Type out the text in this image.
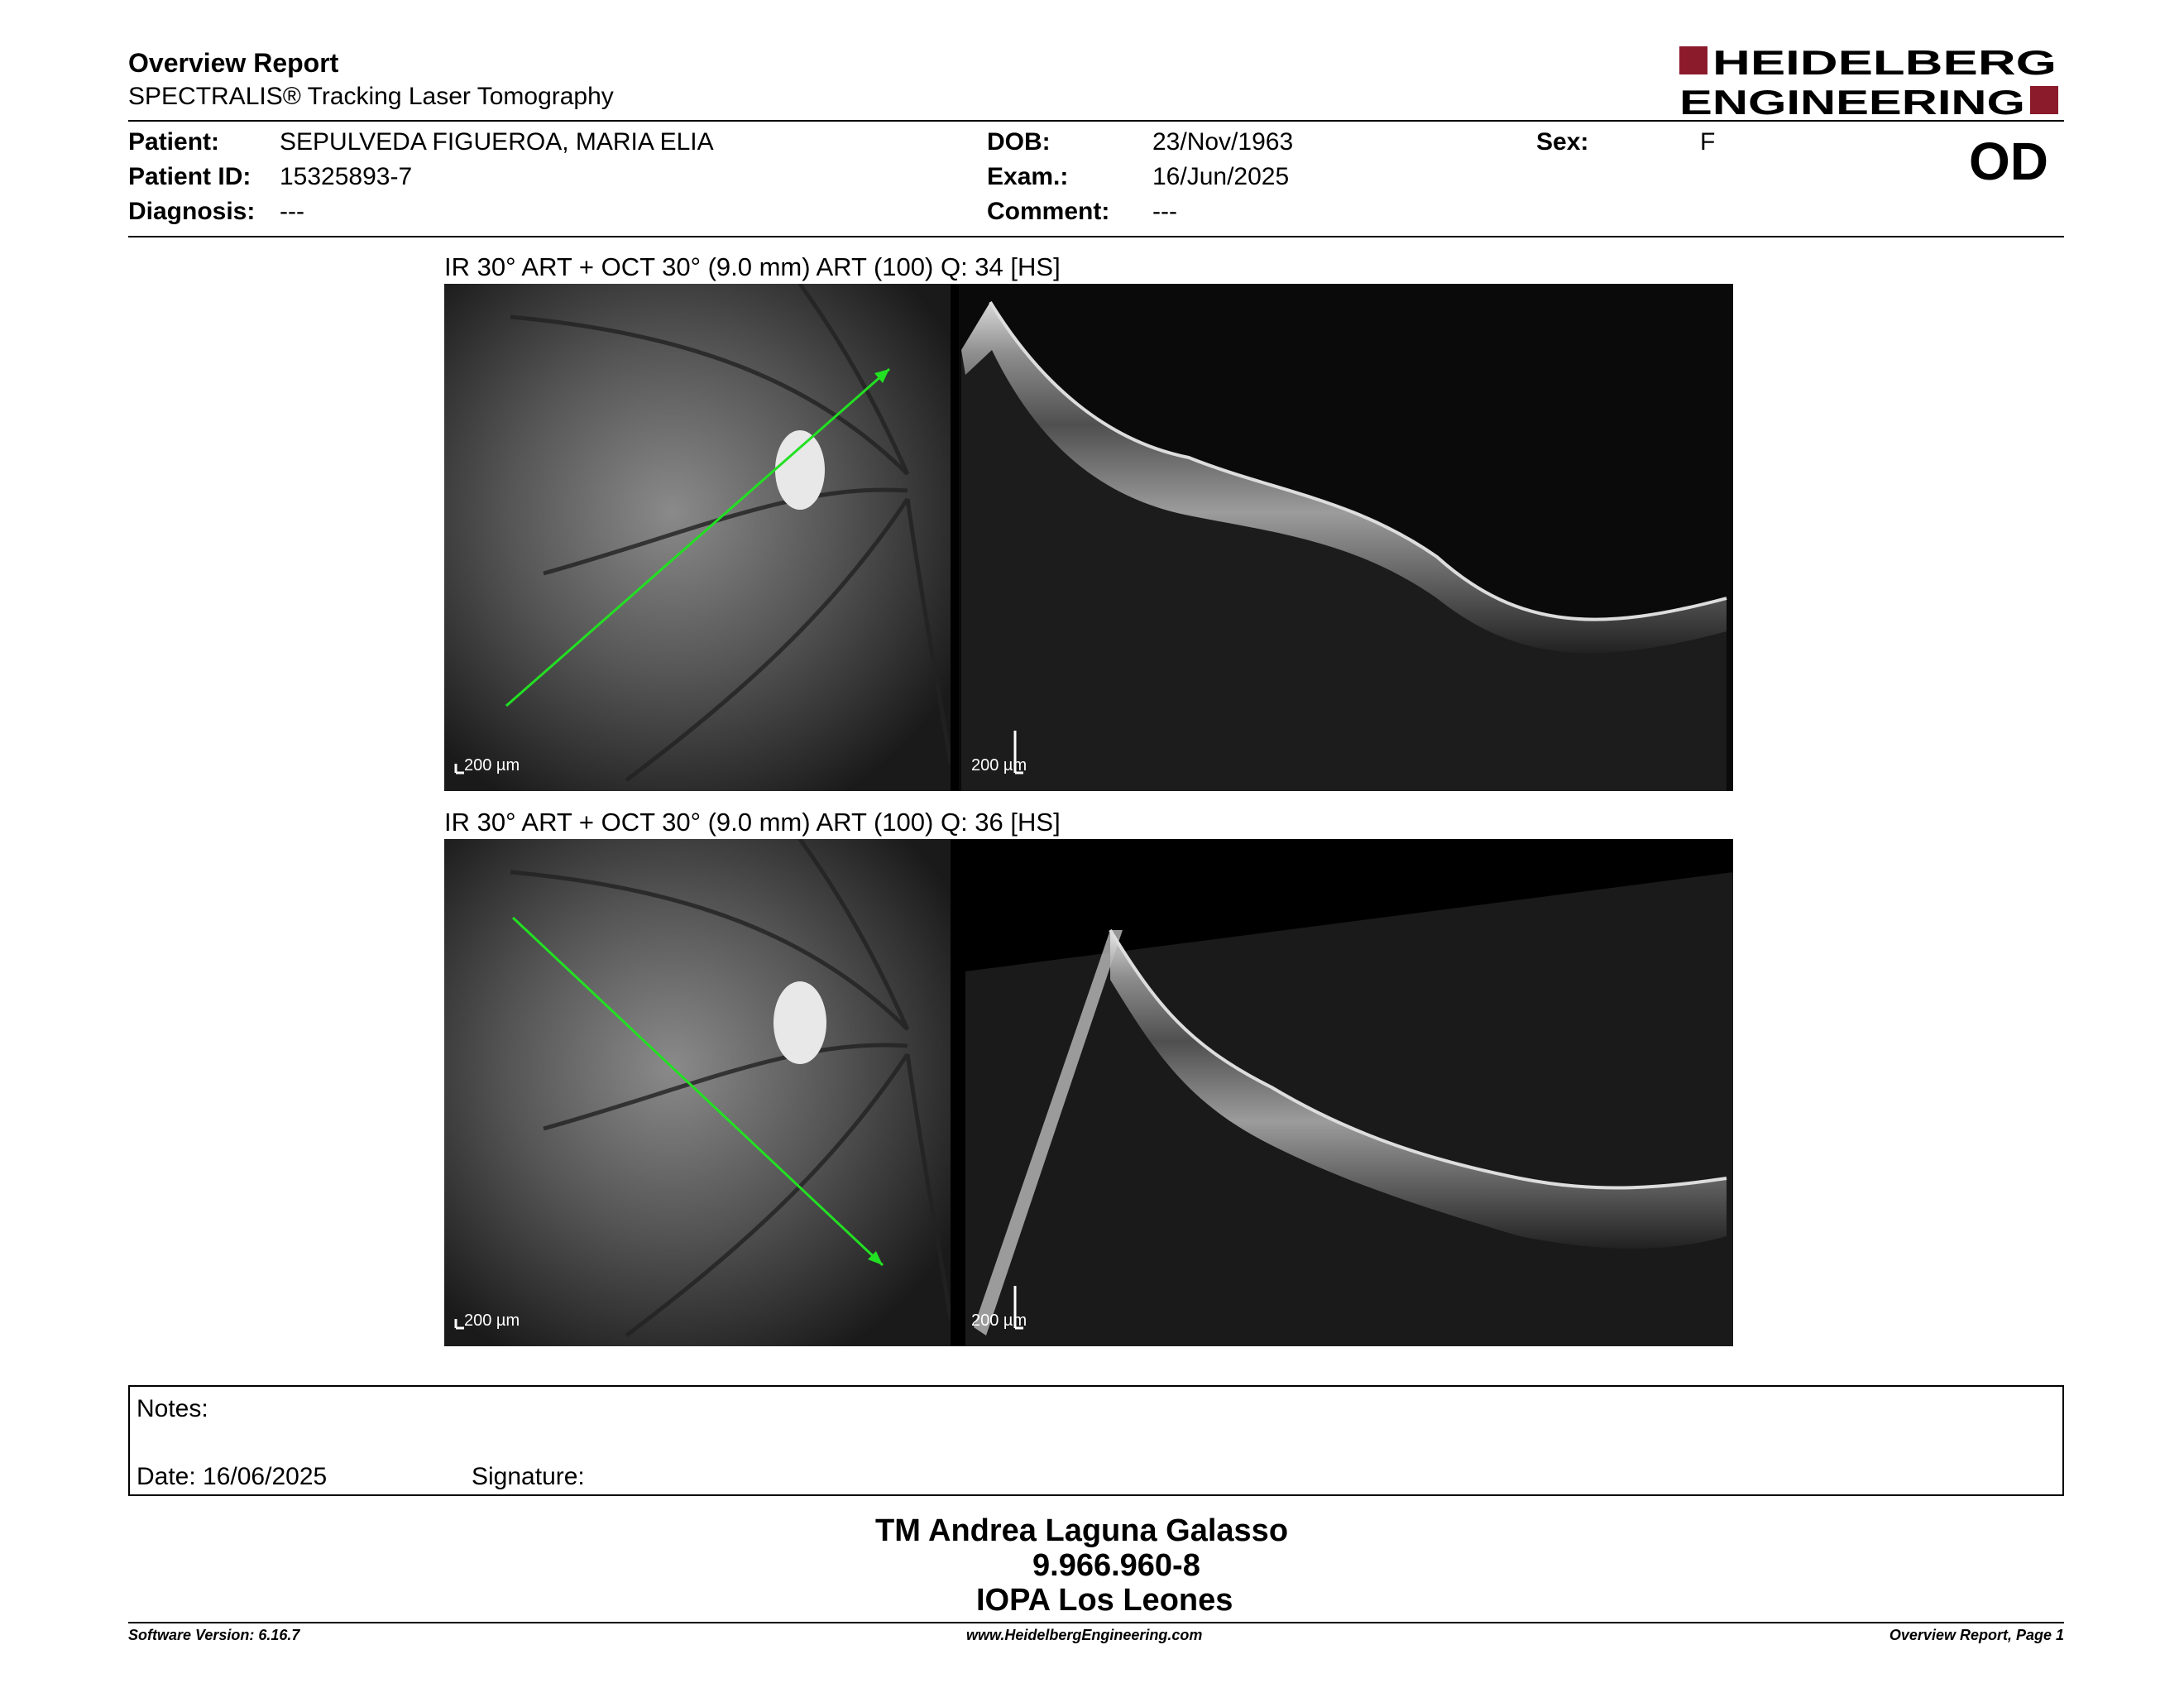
Overview Report
SPECTRALIS® Tracking Laser Tomography
HEIDELBERG
ENGINEERING
Patient: SEPULVEDA FIGUEROA, MARIA ELIA
Patient ID: 15325893-7
Diagnosis: ---
DOB:	23/Nov/1963
Exam.:	16/Jun/2025
Comment: ---
Sex:	F	OD
IR 30° ART + OCT 30° (9.0 mm) ART (100) Q: 34 [HS]
200 µm	200 µm
IR 30° ART + OCT 30° (9.0 mm) ART (100) Q: 36 [HS]
200 µm	200 µm
Notes:
Date: 16/06/2025	Signature:
TM Andrea Laguna Galasso
9.966.960-8
IOPA Los Leones
Software Version: 6.16.7	www.HeidelbergEngineering.com	Overview Report, Page 1
